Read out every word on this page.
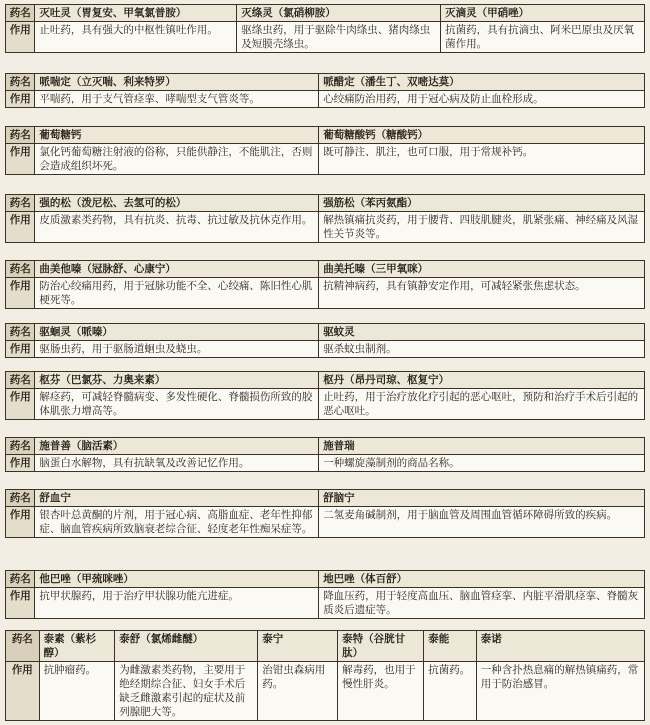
药名	灭吐灵（胃复安、甲氧氯普胺）	灭绦灵（氯硝柳胺）	灭滴灵（甲硝唑）
作用	止吐药，具有强大的中枢性镇吐作用。	驱绦虫药，用于驱除牛肉绦虫、猪肉绦虫及短膜壳绦虫。	抗菌药，具有抗滴虫、阿米巴原虫及厌氧菌作用。
药名	哌喘定（立灭喘、利来特罗）	哌醋定（潘生丁、双嘧达莫）
作用	平喘药，用于支气管痉挛、哮喘型支气管炎等。	心绞痛防治用药，用于冠心病及防止血栓形成。
药名	葡萄糖钙	葡萄糖酸钙（糖酸钙）
作用	氯化钙葡萄糖注射液的俗称，只能供静注，不能肌注，否则会造成组织坏死。	既可静注、肌注，也可口服，用于常规补钙。
药名	强的松（泼尼松、去氢可的松）	强筋松（苯丙氨酯）
作用	皮质激素类药物，具有抗炎、抗毒、抗过敏及抗休克作用。	解热镇痛抗炎药，用于腰背、四肢肌腱炎，肌紧张痛、神经痛及风湿性关节炎等。
药名	曲美他嗪（冠脉舒、心康宁）	曲美托嗪（三甲氧咪）
作用	防治心绞痛用药，用于冠脉功能不全、心绞痛、陈旧性心肌梗死等。	抗精神病药，具有镇静安定作用，可减轻紧张焦虑状态。
药名	驱蛔灵（哌嗪）	驱蚊灵
作用	驱肠虫药，用于驱肠道蛔虫及蛲虫。	驱杀蚊虫制剂。
药名	枢芬（巴氯芬、力奥来素）	枢丹（昂丹司琼、枢复宁）
作用	解痉药，可减轻脊髓病变、多发性硬化、脊髓损伤所致的胶体肌张力增高等。	止吐药，用于治疗放化疗引起的恶心呕吐，预防和治疗手术后引起的恶心呕吐。
药名	施普善（脑活素）	施普瑞
作用	脑蛋白水解物，具有抗缺氧及改善记忆作用。	一种螺旋藻制剂的商品名称。
药名	舒血宁	舒脑宁
作用	银杏叶总黄酮的片剂，用于冠心病、高脂血症、老年性抑郁症、脑血管疾病所致脑衰老综合征、轻度老年性痴呆症等。	二氢麦角碱制剂，用于脑血管及周围血管循环障碍所致的疾病。
药名	他巴唑（甲巯咪唑）	地巴唑（体百舒）
作用	抗甲状腺药，用于治疗甲状腺功能亢进症。	降血压药，用于轻度高血压、脑血管痉挛、内脏平滑肌痉挛、脊髓灰质炎后遗症等。
药名	泰素（紫杉醇）	泰舒（氯烯雌醚）	泰宁	泰特（谷胱甘肽）	泰能	泰诺
作用	抗肿瘤药。	为雌激素类药物，主要用于绝经期综合征、妇女手术后缺乏雌激素引起的症状及前列腺肥大等。	治钳虫森病用药。	解毒药，也用于慢性肝炎。	抗菌药。	一种含扑热息痛的解热镇痛药，常用于防治感冒。
